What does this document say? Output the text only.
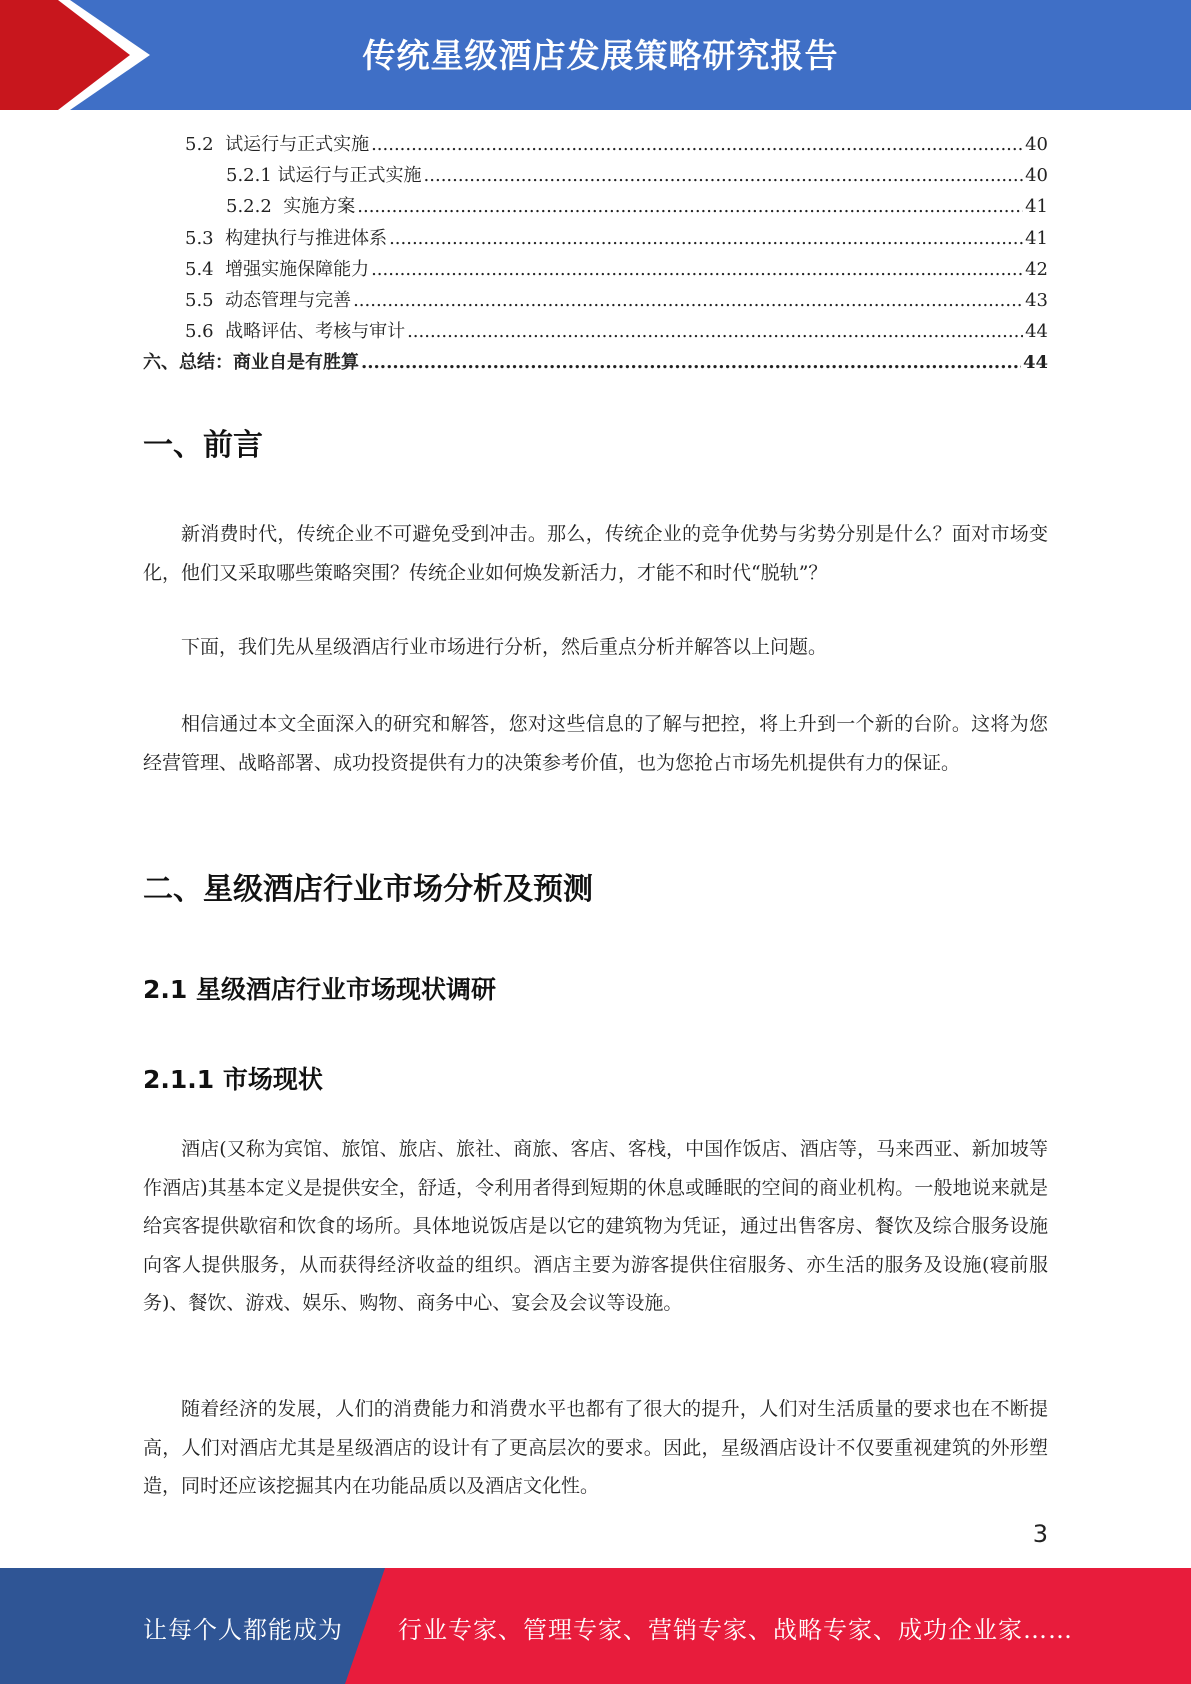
传统星级酒店发展策略研究报告
5.2 试运行与正式实施 .....	40
5.2.1 试运行与正式实施 .....	40
5.2.2 实施方案 .....	41
5.3 构建执行与推进体系 .....	41
5.4 增强实施保障能力 .....	42
5.5 动态管理与完善 .....	43
5.6 战略评估、考核与审计 .....	44
六、 总结：商业自是有胜算 .....	44
一、前言
新消费时代，传统企业不可避免受到冲击。那么，传统企业的竞争优势与劣势分别是什么？面对市场变化，他们又采取哪些策略突围？传统企业如何焕发新活力，才能不和时代“脱轨”？
下面，我们先从星级酒店行业市场进行分析，然后重点分析并解答以上问题。
相信通过本文全面深入的研究和解答，您对这些信息的了解与把控，将上升到一个新的台阶。这将为您经营管理、战略部署、成功投资提供有力的决策参考价值，也为您抢占市场先机提供有力的保证。
二、星级酒店行业市场分析及预测
2.1 星级酒店行业市场现状调研
2.1.1 市场现状
酒店(又称为宾馆、旅馆、旅店、旅社、商旅、客店、客栈，中国作饭店、酒店等，马来西亚、新加坡等作酒店)其基本定义是提供安全，舒适，令利用者得到短期的休息或睡眠的空间的商业机构。一般地说来就是给宾客提供歇宿和饮食的场所。具体地说饭店是以它的建筑物为凭证，通过出售客房、餐饮及综合服务设施向客人提供服务，从而获得经济收益的组织。酒店主要为游客提供住宿服务、亦生活的服务及设施(寝前服务)、餐饮、游戏、娱乐、购物、商务中心、宴会及会议等设施。
随着经济的发展，人们的消费能力和消费水平也都有了很大的提升，人们对生活质量的要求也在不断提高，人们对酒店尤其是星级酒店的设计有了更高层次的要求。因此，星级酒店设计不仅要重视建筑的外形塑造，同时还应该挖掘其内在功能品质以及酒店文化性。
3
让每个人都能成为 行业专家、管理专家、营销专家、战略专家、成功企业家……
